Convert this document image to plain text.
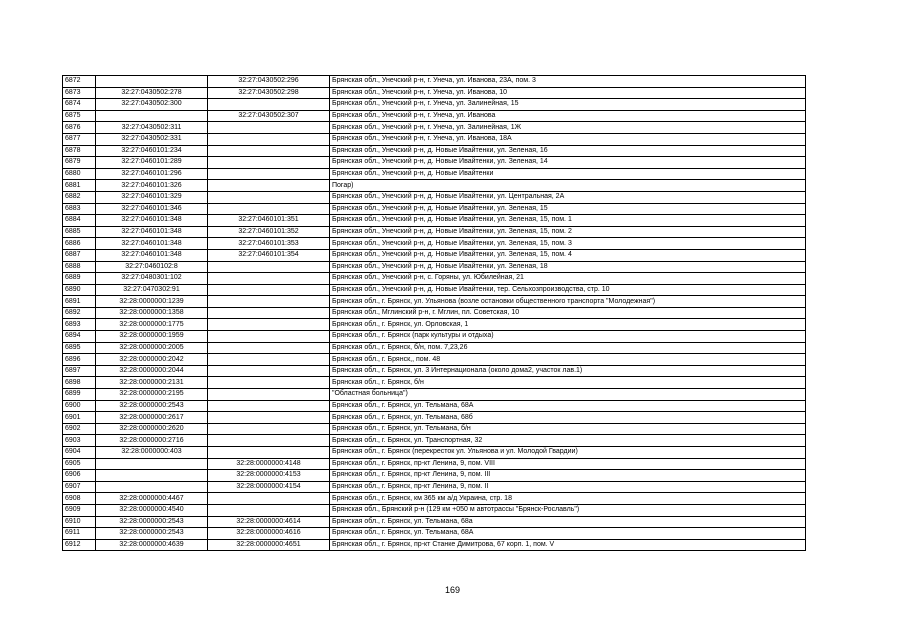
6872		32:27:0430502:296	Брянская обл., Унечский р-н, г. Унеча, ул. Иванова, 23А, пом. 3
6873	32:27:0430502:278	32:27:0430502:298	Брянская обл., Унечский р-н, г. Унеча, ул. Иванова, 10
6874	32:27:0430502:300		Брянская обл., Унечский р-н, г. Унеча, ул. Залинейная, 15
6875		32:27:0430502:307	Брянская обл., Унечский р-н, г. Унеча, ул. Иванова
6876	32:27:0430502:311		Брянская обл., Унечский р-н, г. Унеча, ул. Залинейная, 1Ж
6877	32:27:0430502:331		Брянская обл., Унечский р-н, г. Унеча, ул. Иванова, 18А
6878	32:27:0460101:234		Брянская обл., Унечский р-н, д. Новые Ивайтенки, ул. Зеленая, 16
6879	32:27:0460101:289		Брянская обл., Унечский р-н, д. Новые Ивайтенки, ул. Зеленая, 14
6880	32:27:0460101:296		Брянская обл., Унечский р-н, д. Новые Ивайтенки
6881	32:27:0460101:326		Погар)
6882	32:27:0460101:329		Брянская обл., Унечский р-н, д. Новые Ивайтенки, ул. Центральная, 2А
6883	32:27:0460101:346		Брянская обл., Унечский р-н, д. Новые Ивайтенки, ул. Зеленая, 15
6884	32:27:0460101:348	32:27:0460101:351	Брянская обл., Унечский р-н, д. Новые Ивайтенки, ул. Зеленая, 15, пом. 1
6885	32:27:0460101:348	32:27:0460101:352	Брянская обл., Унечский р-н, д. Новые Ивайтенки, ул. Зеленая, 15, пом. 2
6886	32:27:0460101:348	32:27:0460101:353	Брянская обл., Унечский р-н, д. Новые Ивайтенки, ул. Зеленая, 15, пом. 3
6887	32:27:0460101:348	32:27:0460101:354	Брянская обл., Унечский р-н, д. Новые Ивайтенки, ул. Зеленая, 15, пом. 4
6888	32:27:0460102:8		Брянская обл., Унечский р-н, д. Новые Ивайтенки, ул. Зеленая, 18
6889	32:27:0480301:102		Брянская обл., Унечский р-н, с. Горяны, ул. Юбилейная, 21
6890	32:27:0470302:91		Брянская обл., Унечский р-н, д. Новые Ивайтенки, тер. Сельхозпроизводства, стр. 10
6891	32:28:0000000:1239		Брянская обл., г. Брянск, ул. Ульянова (возле остановки общественного транспорта "Молодежная")
6892	32:28:0000000:1358		Брянская обл., Мглинский р-н, г. Мглин, пл. Советская, 10
6893	32:28:0000000:1775		Брянская обл., г. Брянск, ул. Орловская, 1
6894	32:28:0000000:1959		Брянская обл., г. Брянск (парк культуры и отдыха)
6895	32:28:0000000:2005		Брянская обл., г. Брянск, б/н, пом. 7,23,26
6896	32:28:0000000:2042		Брянская обл., г. Брянск,, пом. 48
6897	32:28:0000000:2044		Брянская обл., г. Брянск, ул. 3 Интернационала (около дома2, участок лав.1)
6898	32:28:0000000:2131		Брянская обл., г. Брянск, б/н
6899	32:28:0000000:2195		"Областная больница")
6900	32:28:0000000:2543		Брянская обл., г. Брянск, ул. Тельмана, 68А
6901	32:28:0000000:2617		Брянская обл., г. Брянск, ул. Тельмана, 68б
6902	32:28:0000000:2620		Брянская обл., г. Брянск, ул. Тельмана, б/н
6903	32:28:0000000:2716		Брянская обл., г. Брянск, ул. Транспортная, 32
6904	32:28:0000000:403		Брянская обл., г. Брянск (перекресток ул. Ульянова и ул. Молодой Гвардии)
6905		32:28:0000000:4148	Брянская обл., г. Брянск, пр-кт Ленина, 9, пом. VIII
6906		32:28:0000000:4153	Брянская обл., г. Брянск, пр-кт Ленина, 9, пом. III
6907		32:28:0000000:4154	Брянская обл., г. Брянск, пр-кт Ленина, 9, пом. II
6908	32:28:0000000:4467		Брянская обл., г. Брянск, км 365 км а/д Украина, стр. 18
6909	32:28:0000000:4540		Брянская обл., Брянский р-н (129 км +050 м автотрассы "Брянск-Рославль")
6910	32:28:0000000:2543	32:28:0000000:4614	Брянская обл., г. Брянск, ул. Тельмана, 68а
6911	32:28:0000000:2543	32:28:0000000:4616	Брянская обл., г. Брянск, ул. Тельмана, 68А
6912	32:28:0000000:4639	32:28:0000000:4651	Брянская обл., г. Брянск, пр-кт Станке Димитрова, 67 корп. 1, пом. V
169
